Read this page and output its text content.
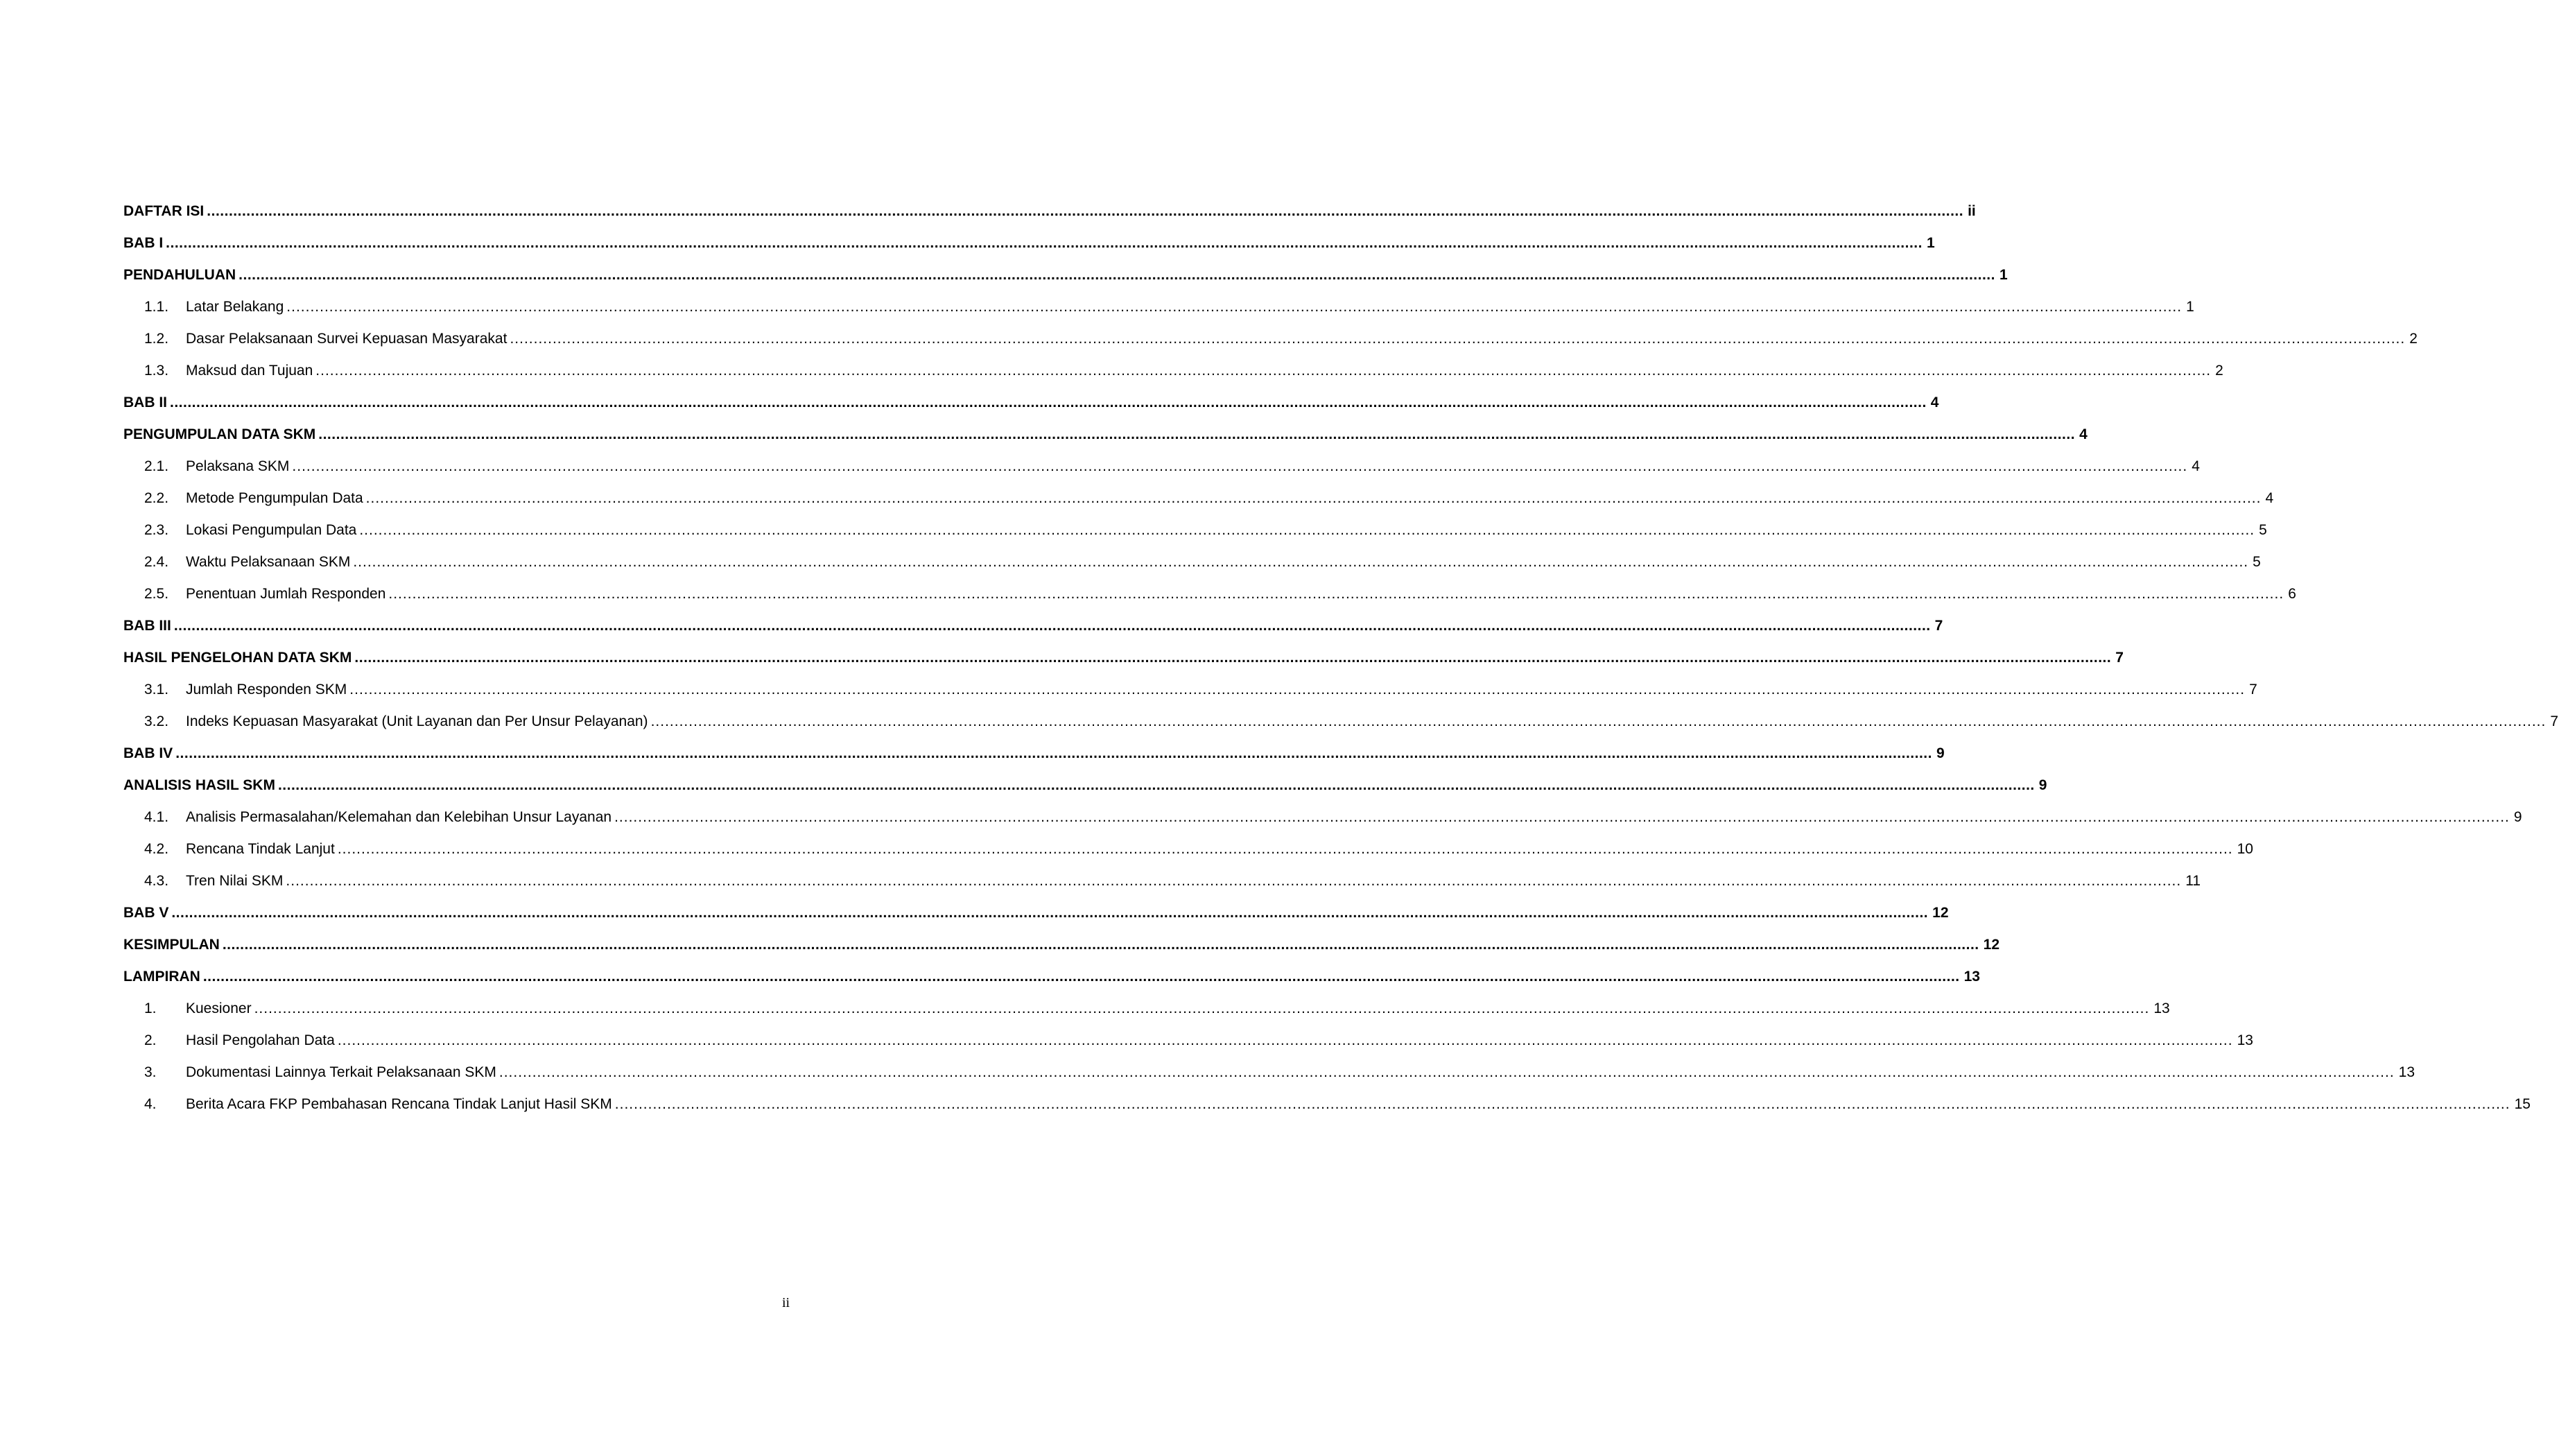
DAFTAR ISI ................................................................................................................................................................................................................................................................................................................................................................................................................ ii
BAB I ................................................................................................................................................................................................................................................................................................................................................................................................................ 1
PENDAHULUAN ................................................................................................................................................................................................................................................................................................................................................................................................................ 1
1.1.	Latar Belakang ................................................................................................................................................................................................................................................................................................................................................................................................................ 1
1.2.	Dasar Pelaksanaan Survei Kepuasan Masyarakat ................................................................................................................................................................................................................................................................................................................................................................................................................ 2
1.3.	Maksud dan Tujuan ................................................................................................................................................................................................................................................................................................................................................................................................................ 2
BAB II ................................................................................................................................................................................................................................................................................................................................................................................................................ 4
PENGUMPULAN DATA SKM ................................................................................................................................................................................................................................................................................................................................................................................................................ 4
2.1.	Pelaksana SKM ................................................................................................................................................................................................................................................................................................................................................................................................................ 4
2.2.	Metode Pengumpulan Data ................................................................................................................................................................................................................................................................................................................................................................................................................ 4
2.3.	Lokasi Pengumpulan Data ................................................................................................................................................................................................................................................................................................................................................................................................................ 5
2.4.	Waktu Pelaksanaan SKM ................................................................................................................................................................................................................................................................................................................................................................................................................ 5
2.5.	Penentuan Jumlah Responden ................................................................................................................................................................................................................................................................................................................................................................................................................ 6
BAB III ................................................................................................................................................................................................................................................................................................................................................................................................................ 7
HASIL PENGELOHAN DATA SKM ................................................................................................................................................................................................................................................................................................................................................................................................................ 7
3.1.	Jumlah Responden SKM ................................................................................................................................................................................................................................................................................................................................................................................................................ 7
3.2.	Indeks Kepuasan Masyarakat (Unit Layanan dan Per Unsur Pelayanan) ................................................................................................................................................................................................................................................................................................................................................................................................................ 7
BAB IV ................................................................................................................................................................................................................................................................................................................................................................................................................ 9
ANALISIS HASIL SKM ................................................................................................................................................................................................................................................................................................................................................................................................................ 9
4.1.	Analisis Permasalahan/Kelemahan dan Kelebihan Unsur Layanan ................................................................................................................................................................................................................................................................................................................................................................................................................ 9
4.2.	Rencana Tindak Lanjut ................................................................................................................................................................................................................................................................................................................................................................................................................ 10
4.3.	Tren Nilai SKM ................................................................................................................................................................................................................................................................................................................................................................................................................ 11
BAB V ................................................................................................................................................................................................................................................................................................................................................................................................................ 12
KESIMPULAN ................................................................................................................................................................................................................................................................................................................................................................................................................ 12
LAMPIRAN ................................................................................................................................................................................................................................................................................................................................................................................................................ 13
1.	Kuesioner ................................................................................................................................................................................................................................................................................................................................................................................................................ 13
2.	Hasil Pengolahan Data ................................................................................................................................................................................................................................................................................................................................................................................................................ 13
3.	Dokumentasi Lainnya Terkait Pelaksanaan SKM ................................................................................................................................................................................................................................................................................................................................................................................................................ 13
4.	Berita Acara FKP Pembahasan Rencana Tindak Lanjut Hasil SKM ................................................................................................................................................................................................................................................................................................................................................................................................................ 15
ii
